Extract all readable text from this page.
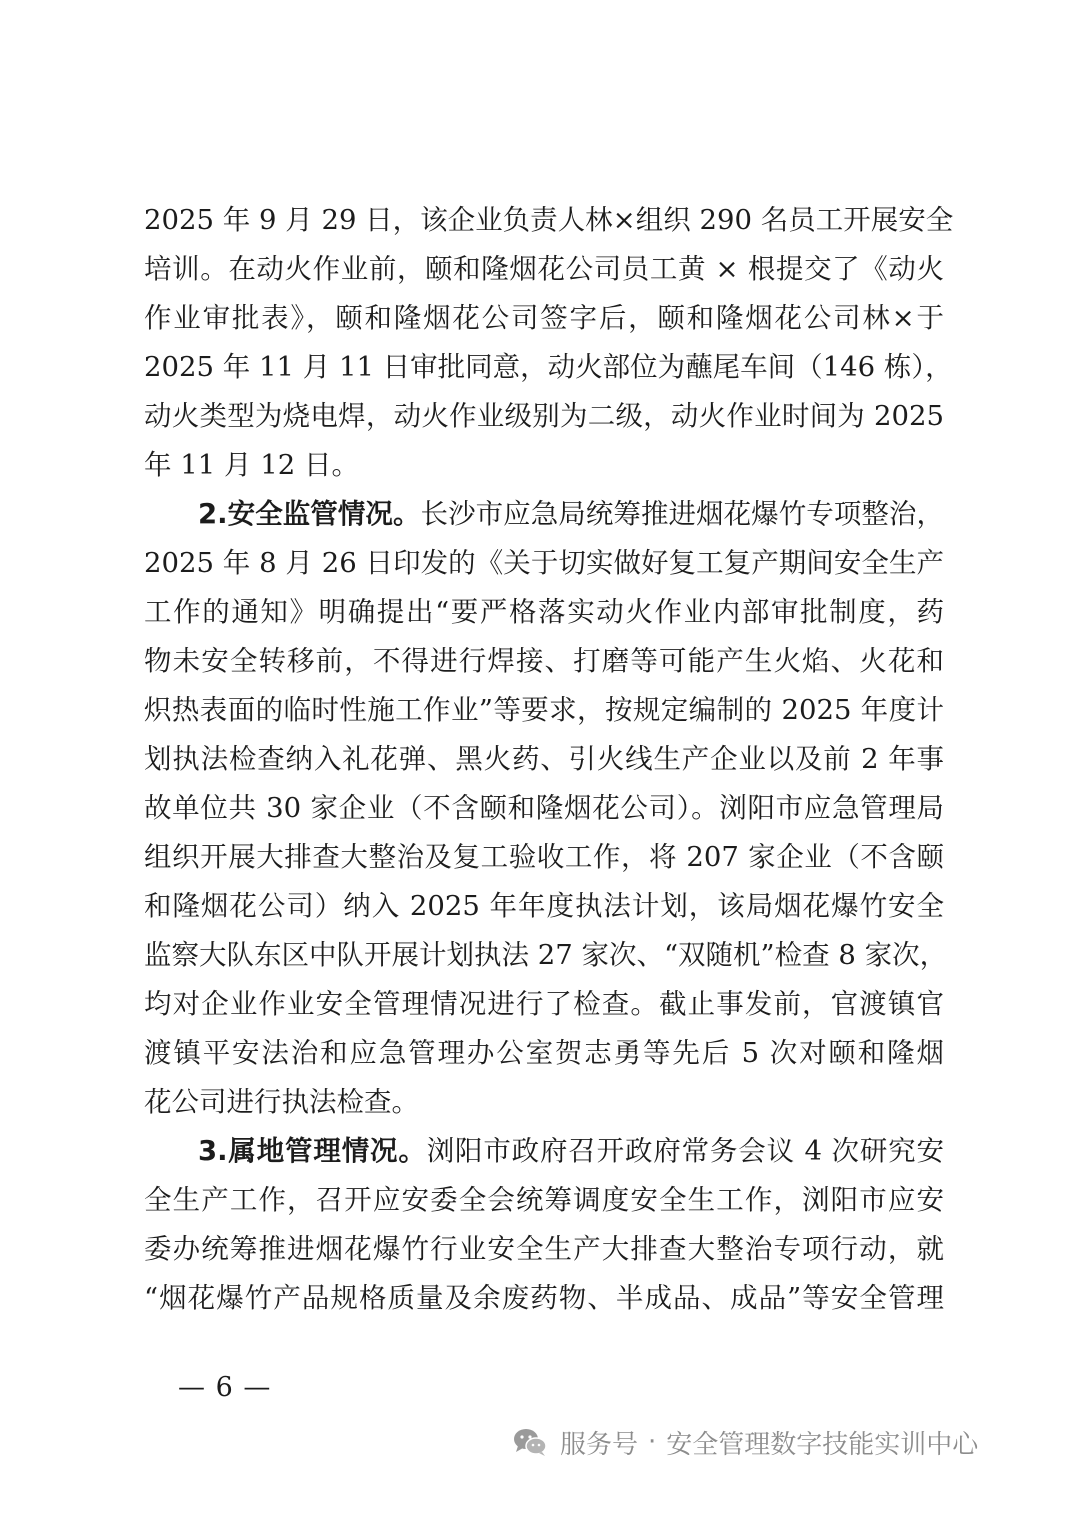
2025 年 9 月 29 日，该企业负责人林×组织 290 名员工开展安全
培训。在动火作业前，颐和隆烟花公司员工黄 × 根提交了《动火
作业审批表》，颐和隆烟花公司签字后，颐和隆烟花公司林×于
2025 年 11 月 11 日审批同意，动火部位为蘸尾车间（146 栋），
动火类型为烧电焊，动火作业级别为二级，动火作业时间为 2025
年 11 月 12 日。
2.安全监管情况。长沙市应急局统筹推进烟花爆竹专项整治，
2025 年 8 月 26 日印发的《关于切实做好复工复产期间安全生产
工作的通知》明确提出“要严格落实动火作业内部审批制度，药
物未安全转移前，不得进行焊接、打磨等可能产生火焰、火花和
炽热表面的临时性施工作业”等要求，按规定编制的 2025 年度计
划执法检查纳入礼花弹、黑火药、引火线生产企业以及前 2 年事
故单位共 30 家企业（不含颐和隆烟花公司）。浏阳市应急管理局
组织开展大排查大整治及复工验收工作，将 207 家企业（不含颐
和隆烟花公司）纳入 2025 年年度执法计划，该局烟花爆竹安全
监察大队东区中队开展计划执法 27 家次、“双随机”检查 8 家次，
均对企业作业安全管理情况进行了检查。截止事发前，官渡镇官
渡镇平安法治和应急管理办公室贺志勇等先后 5 次对颐和隆烟
花公司进行执法检查。
3.属地管理情况。浏阳市政府召开政府常务会议 4 次研究安
全生产工作，召开应安委全会统筹调度安全生工作，浏阳市应安
委办统筹推进烟花爆竹行业安全生产大排查大整治专项行动，就
“烟花爆竹产品规格质量及余废药物、半成品、成品”等安全管理
— 6 —
服务号 · 安全管理数字技能实训中心
